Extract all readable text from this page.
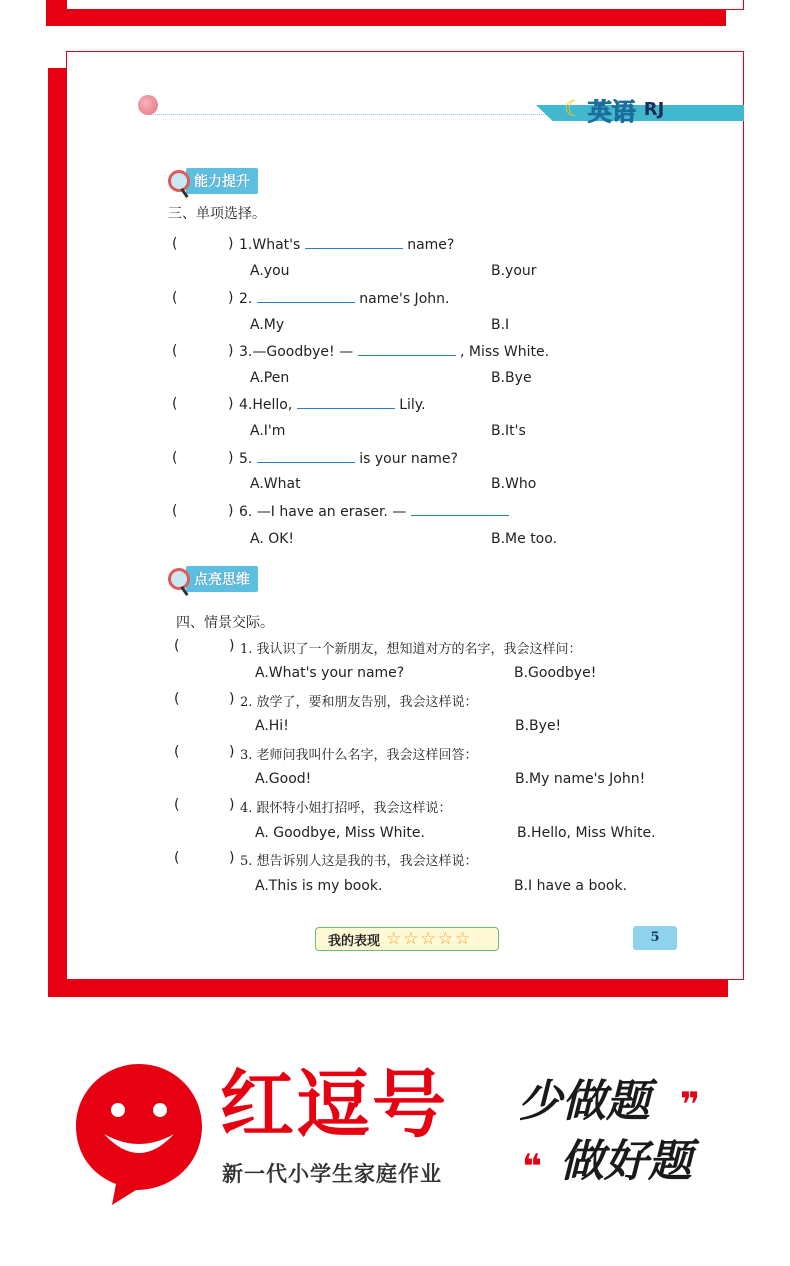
☾ 英语 RJ
能力提升
三、单项选择。
(	) 1.What's	name?
A.you	B.your
(	) 2.	name's John.
A.My	B.I
(	) 3.—Goodbye! —	, Miss White.
A.Pen	B.Bye
(	) 4.Hello,	Lily.
A.I'm	B.It's
(	) 5.	is your name?
A.What	B.Who
(	) 6. —I have an eraser. —
A. OK!	B.Me too.
点亮思维
四、情景交际。
(	) 1. 我认识了一个新朋友，想知道对方的名字，我会这样问：
A.What's your name?	B.Goodbye!
(	) 2. 放学了，要和朋友告别，我会这样说：
A.Hi!	B.Bye!
(	) 3. 老师问我叫什么名字，我会这样回答：
A.Good!	B.My name's John!
(	) 4. 跟怀特小姐打招呼，我会这样说：
A. Goodbye, Miss White.	B.Hello, Miss White.
(	) 5. 想告诉别人这是我的书，我会这样说：
A.This is my book.	B.I have a book.
我的表现 ☆ ☆ ☆ ☆ ☆	5
红逗号
新一代小学生家庭作业
少做题 ❞
❝ 做好题
